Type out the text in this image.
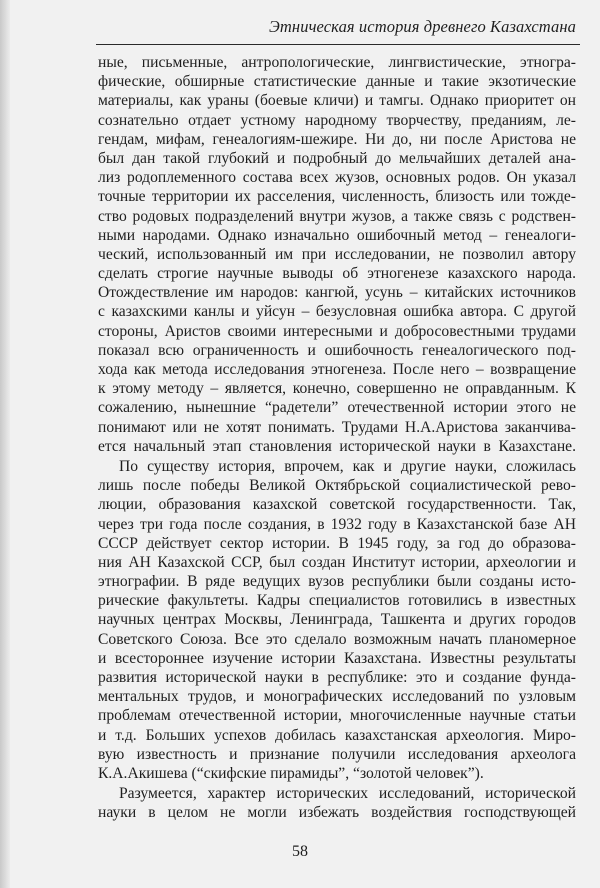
Этническая история древнего Казахстана
ные, письменные, антропологические, лингвистические, этногра-
фические, обширные статистические данные и такие экзотические
материалы, как ураны (боевые кличи) и тамгы. Однако приоритет он
сознательно отдает устному народному творчеству, преданиям, ле-
гендам, мифам, генеалогиям-шежире. Ни до, ни после Аристова не
был дан такой глубокий и подробный до мельчайших деталей ана-
лиз родоплеменного состава всех жузов, основных родов. Он указал
точные территории их расселения, численность, близость или тожде-
ство родовых подразделений внутри жузов, а также связь с родствен-
ными народами. Однако изначально ошибочный метод – генеалоги-
ческий, использованный им при исследовании, не позволил автору
сделать строгие научные выводы об этногенезе казахского народа.
Отождествление им народов: кангюй, усунь – китайских источников
с казахскими канлы и уйсун – безусловная ошибка автора. С другой
стороны, Аристов своими интересными и добросовестными трудами
показал всю ограниченность и ошибочность генеалогического под-
хода как метода исследования этногенеза. После него – возвращение
к этому методу – является, конечно, совершенно не оправданным. К
сожалению, нынешние “радетели” отечественной истории этого не
понимают или не хотят понимать. Трудами Н.А.Аристова заканчива-
ется начальный этап становления исторической науки в Казахстане.
По существу история, впрочем, как и другие науки, сложилась
лишь после победы Великой Октябрьской социалистической рево-
люции, образования казахской советской государственности. Так,
через три года после создания, в 1932 году в Казахстанской базе АН
СССР действует сектор истории. В 1945 году, за год до образова-
ния АН Казахской ССР, был создан Институт истории, археологии и
этнографии. В ряде ведущих вузов республики были созданы исто-
рические факультеты. Кадры специалистов готовились в известных
научных центрах Москвы, Ленинграда, Ташкента и других городов
Советского Союза. Все это сделало возможным начать планомерное
и всестороннее изучение истории Казахстана. Известны результаты
развития исторической науки в республике: это и создание фунда-
ментальных трудов, и монографических исследований по узловым
проблемам отечественной истории, многочисленные научные статьи
и т.д. Больших успехов добилась казахстанская археология. Миро-
вую известность и признание получили исследования археолога
К.А.Акишева (“скифские пирамиды”, “золотой человек”).
Разумеется, характер исторических исследований, исторической
науки в целом не могли избежать воздействия господствующей
58
